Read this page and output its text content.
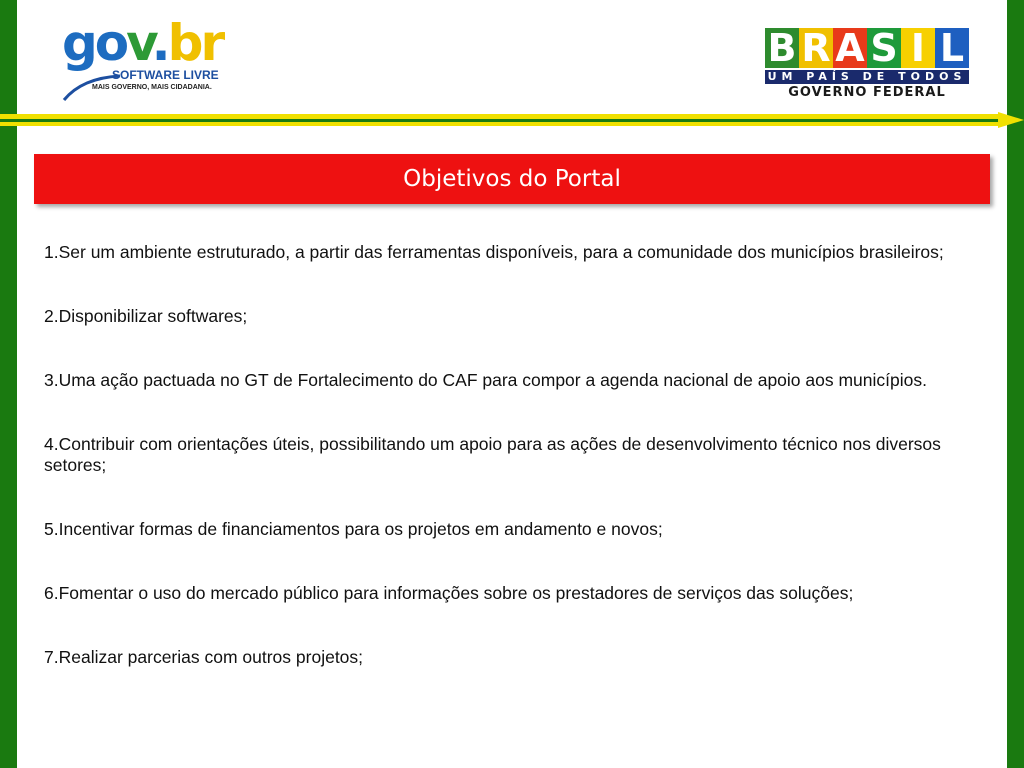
gov.br
SOFTWARE LIVRE
MAIS GOVERNO, MAIS CIDADANIA.
B R A S I L
UM PAÍS DE TODOS
GOVERNO FEDERAL
Objetivos do Portal
1.Ser um ambiente estruturado, a partir das ferramentas disponíveis, para a comunidade dos municípios brasileiros;
2.Disponibilizar softwares;
3.Uma ação pactuada no GT de Fortalecimento do CAF para compor a agenda nacional de apoio aos municípios.
4.Contribuir com orientações úteis, possibilitando um apoio para as ações de desenvolvimento técnico nos diversos setores;
5.Incentivar formas de financiamentos para os projetos em andamento e novos;
6.Fomentar o uso do mercado público para informações sobre os prestadores de serviços das soluções;
7.Realizar parcerias com outros projetos;
